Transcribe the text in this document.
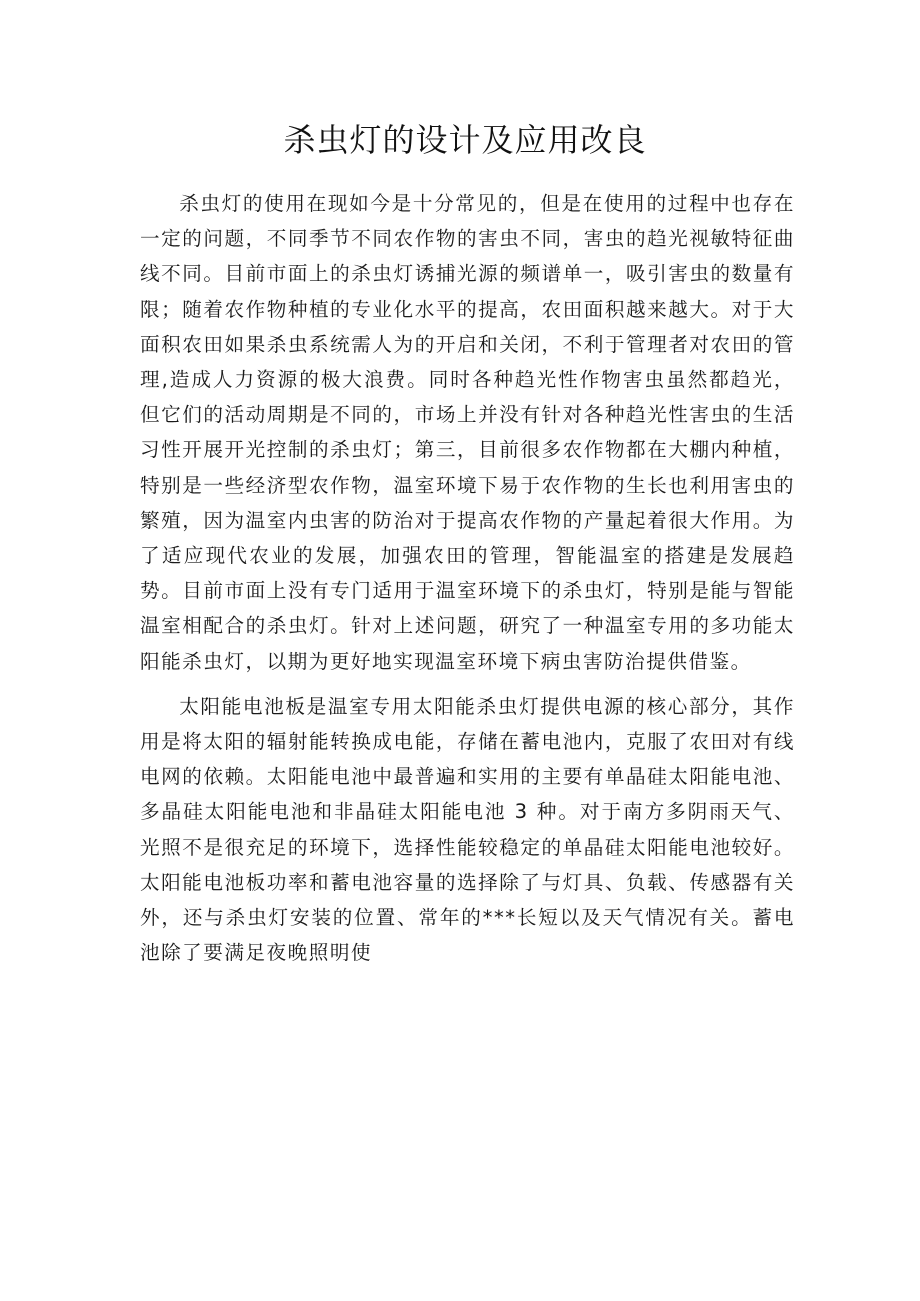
杀虫灯的设计及应用改良

杀虫灯的使用在现如今是十分常见的，但是在使用的过程中也存在一定的问题，不同季节不同农作物的害虫不同，害虫的趋光视敏特征曲线不同。目前市面上的杀虫灯诱捕光源的频谱单一，吸引害虫的数量有限；随着农作物种植的专业化水平的提高，农田面积越来越大。对于大面积农田如果杀虫系统需人为的开启和关闭，不利于管理者对农田的管理,造成人力资源的极大浪费。同时各种趋光性作物害虫虽然都趋光，但它们的活动周期是不同的，市场上并没有针对各种趋光性害虫的生活习性开展开光控制的杀虫灯；第三，目前很多农作物都在大棚内种植，特别是一些经济型农作物，温室环境下易于农作物的生长也利用害虫的繁殖，因为温室内虫害的防治对于提高农作物的产量起着很大作用。为了适应现代农业的发展，加强农田的管理，智能温室的搭建是发展趋势。目前市面上没有专门适用于温室环境下的杀虫灯，特别是能与智能温室相配合的杀虫灯。针对上述问题，研究了一种温室专用的多功能太阳能杀虫灯，以期为更好地实现温室环境下病虫害防治提供借鉴。

太阳能电池板是温室专用太阳能杀虫灯提供电源的核心部分，其作用是将太阳的辐射能转换成电能，存储在蓄电池内，克服了农田对有线电网的依赖。太阳能电池中最普遍和实用的主要有单晶硅太阳能电池、多晶硅太阳能电池和非晶硅太阳能电池 3 种。对于南方多阴雨天气、光照不是很充足的环境下，选择性能较稳定的单晶硅太阳能电池较好。太阳能电池板功率和蓄电池容量的选择除了与灯具、负载、传感器有关外，还与杀虫灯安装的位置、常年的***长短以及天气情况有关。蓄电池除了要满足夜晚照明使
